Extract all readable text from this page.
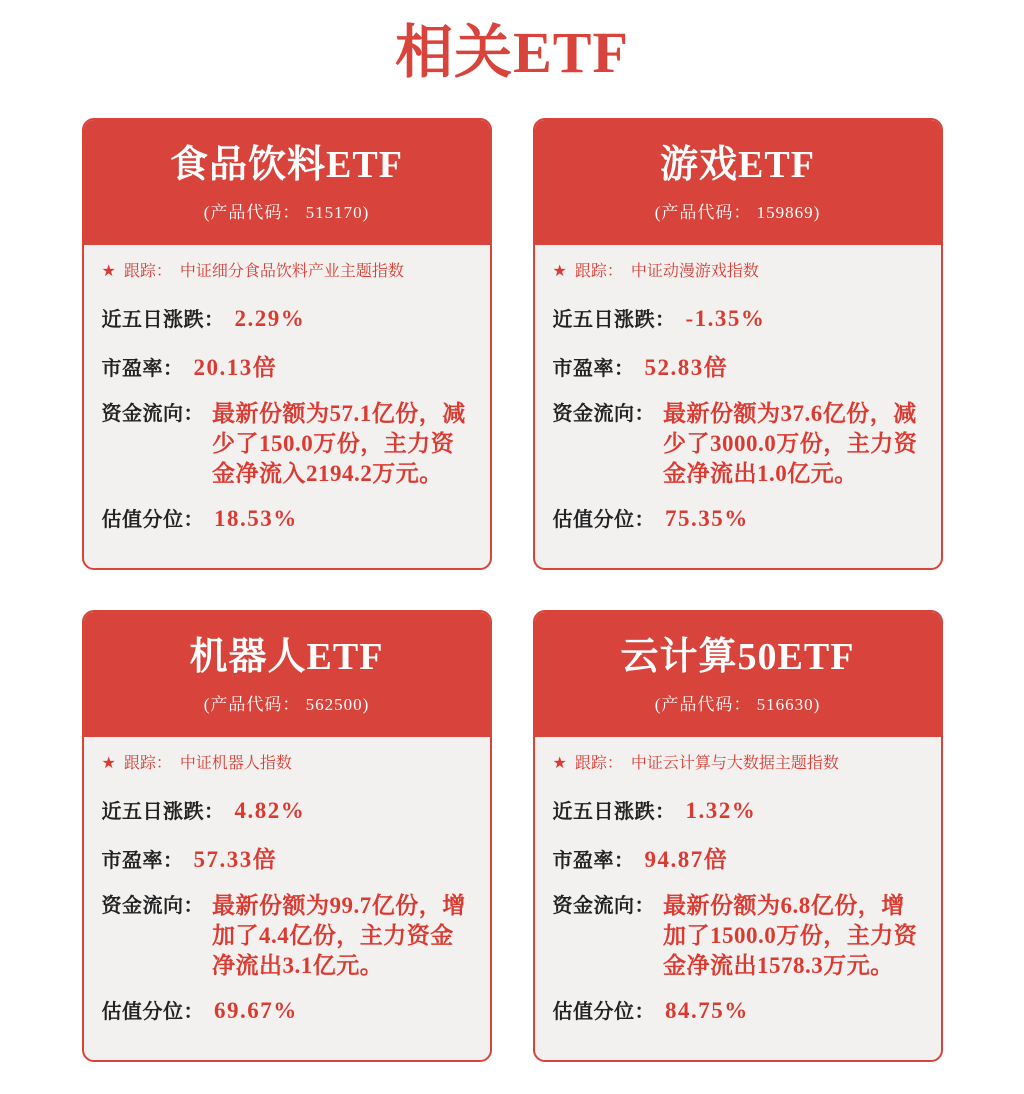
相关ETF
食品饮料ETF
(产品代码： 515170)
★ 跟踪： 中证细分食品饮料产业主题指数
近五日涨跌： 2.29%
市盈率： 20.13倍
资金流向： 最新份额为57.1亿份，减少了150.0万份，主力资金净流入2194.2万元。
估值分位： 18.53%
游戏ETF
(产品代码： 159869)
★ 跟踪： 中证动漫游戏指数
近五日涨跌： -1.35%
市盈率： 52.83倍
资金流向： 最新份额为37.6亿份，减少了3000.0万份，主力资金净流出1.0亿元。
估值分位： 75.35%
机器人ETF
(产品代码： 562500)
★ 跟踪： 中证机器人指数
近五日涨跌： 4.82%
市盈率： 57.33倍
资金流向： 最新份额为99.7亿份，增加了4.4亿份，主力资金净流出3.1亿元。
估值分位： 69.67%
云计算50ETF
(产品代码： 516630)
★ 跟踪： 中证云计算与大数据主题指数
近五日涨跌： 1.32%
市盈率： 94.87倍
资金流向： 最新份额为6.8亿份，增加了1500.0万份，主力资金净流出1578.3万元。
估值分位： 84.75%
